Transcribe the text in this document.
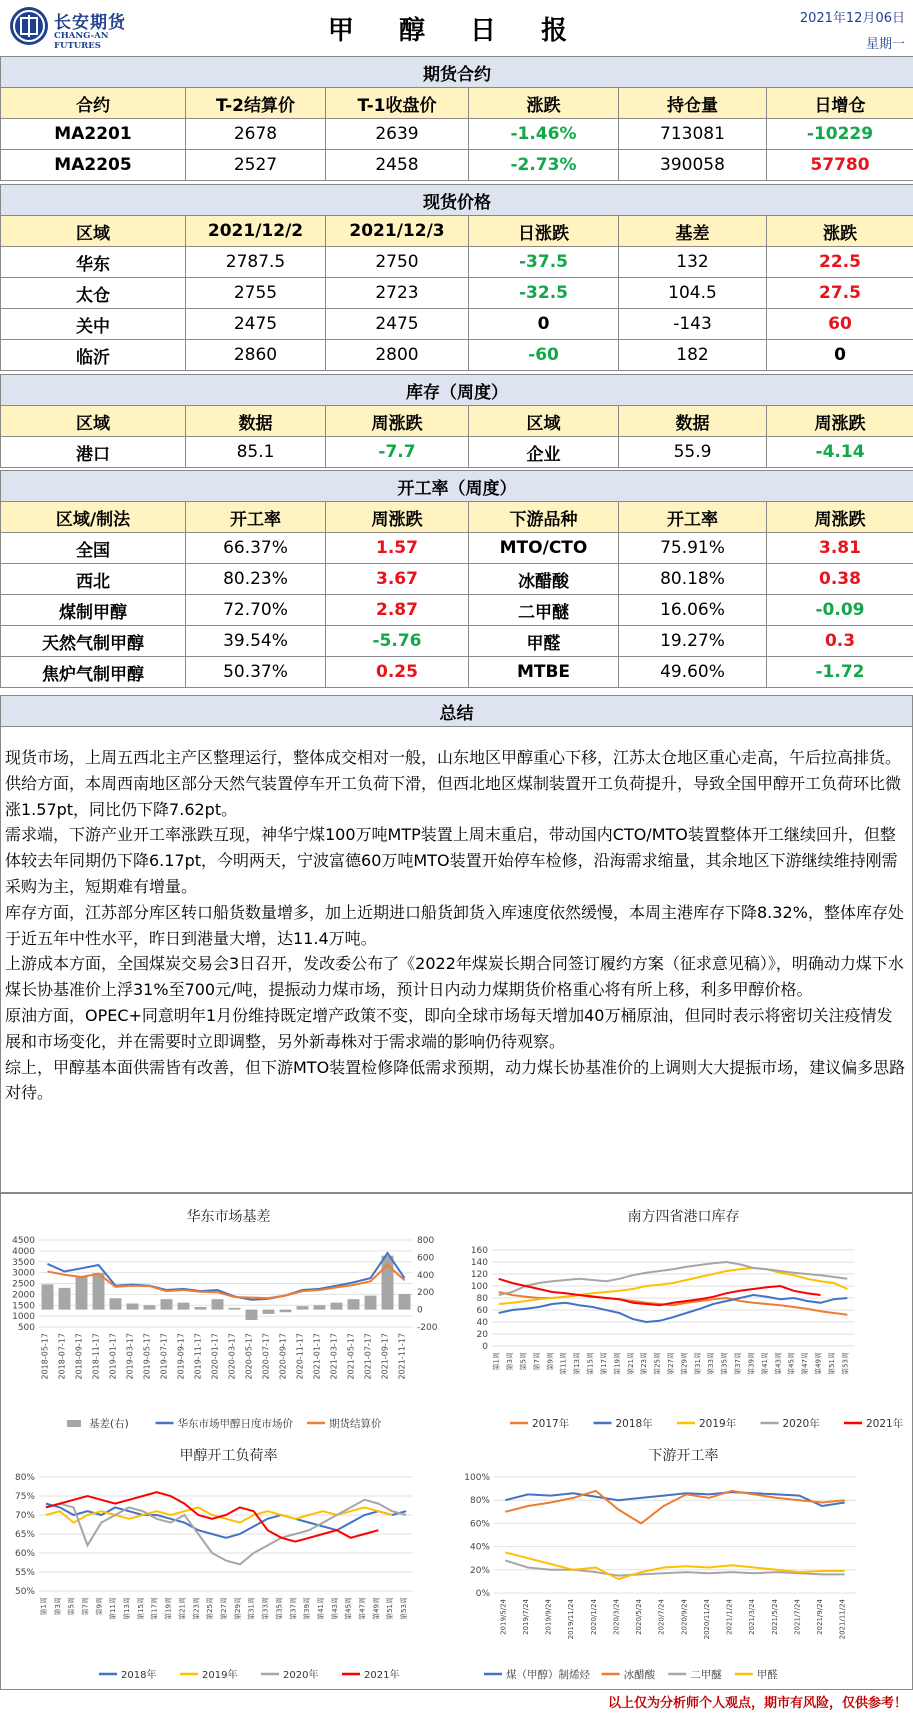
长安期货
CHANG-AN FUTURES	甲 醇 日 报	2021年12月06日
星期一
期货合约					
合约	T-2结算价	T-1收盘价	涨跌	持仓量	日增仓
MA2201	2678	2639	-1.46%	713081	-10229
MA2205	2527	2458	-2.73%	390058	57780
现货价格					
区域	2021/12/2	2021/12/3	日涨跌	基差	涨跌
华东	2787.5	2750	-37.5	132	22.5
太仓	2755	2723	-32.5	104.5	27.5
关中	2475	2475	0	-143	60
临沂	2860	2800	-60	182	0
库存（周度）					
区域	数据	周涨跌	区域	数据	周涨跌
港口	85.1	-7.7	企业	55.9	-4.14
开工率（周度）					
区域/制法	开工率	周涨跌	下游品种	开工率	周涨跌
全国	66.37%	1.57	MTO/CTO	75.91%	3.81
西北	80.23%	3.67	冰醋酸	80.18%	0.38
煤制甲醇	72.70%	2.87	二甲醚	16.06%	-0.09
天然气制甲醇	39.54%	-5.76	甲醛	19.27%	0.3
焦炉气制甲醇	50.37%	0.25	MTBE	49.60%	-1.72
总结

现货市场，上周五西北主产区整理运行，整体成交相对一般，山东地区甲醇重心下移，江苏太仓地区重心走高，午后拉高排货。

供给方面，本周西南地区部分天然气装置停车开工负荷下滑，但西北地区煤制装置开工负荷提升，导致全国甲醇开工负荷环比微涨1.57pt，同比仍下降7.62pt。

需求端，下游产业开工率涨跌互现，神华宁煤100万吨MTP装置上周末重启，带动国内CTO/MTO装置整体开工继续回升，但整体较去年同期仍下降6.17pt，今明两天，宁波富德60万吨MTO装置开始停车检修，沿海需求缩量，其余地区下游继续维持刚需采购为主，短期难有增量。

库存方面，江苏部分库区转口船货数量增多，加上近期进口船货卸货入库速度依然缓慢，本周主港库存下降8.32%，整体库存处于近五年中性水平，昨日到港量大增，达11.4万吨。

上游成本方面，全国煤炭交易会3日召开，发改委公布了《2022年煤炭长期合同签订履约方案（征求意见稿）》，明确动力煤下水煤长协基准价上浮31%至700元/吨，提振动力煤市场，预计日内动力煤期货价格重心将有所上移，利多甲醇价格。

原油方面，OPEC+同意明年1月份维持既定增产政策不变，即向全球市场每天增加40万桶原油，但同时表示将密切关注疫情发展和市场变化，并在需要时立即调整，另外新毒株对于需求端的影响仍待观察。

综上，甲醇基本面供需皆有改善，但下游MTO装置检修降低需求预期，动力煤长协基准价的上调则大大提振市场，建议偏多思路对待。

华东市场基差
500
1000
1500
2000
2500
3000
3500
4000
4500
-200
0
200
400
600
800
2018-05-17 2018-07-17 2018-09-17 2018-11-17 2019-01-17 2019-03-17 2019-05-17 2019-07-17 2019-09-17 2019-11-17 2020-01-17 2020-03-17 2020-05-17 2020-07-17 2020-09-17 2020-11-17 2021-01-17 2021-03-17 2021-05-17 2021-07-17 2021-09-17 2021-11-17
基差(右)	华东市场甲醇日度市场价	期货结算价
南方四省港口库存
0
20
40
60
80
100
120
140
160
第1周 第3周 第5周 第7周 第9周 第11周 第13周 第15周 第17周 第19周 第21周 第23周 第25周 第27周 第29周 第31周 第33周 第35周 第37周 第39周 第41周 第43周 第45周 第47周 第49周 第51周 第53周
2017年	2018年	2019年	2020年	2021年
甲醇开工负荷率
50%
55%
60%
65%
70%
75%
80%
第1周 第3周 第5周 第7周 第9周 第11周 第13周 第15周 第17周 第19周 第21周 第23周 第25周 第27周 第29周 第31周 第33周 第35周 第37周 第39周 第41周 第43周 第45周 第47周 第49周 第51周 第53周
2018年	2019年	2020年	2021年
下游开工率
0%
20%
40%
60%
80%
100%
2019/5/24 2019/7/24 2019/9/24 2019/11/24 2020/1/24 2020/3/24 2020/5/24 2020/7/24 2020/9/24 2020/11/24 2021/1/24 2021/3/24 2021/5/24 2021/7/24 2021/9/24 2021/11/24
煤（甲醇）制烯烃	冰醋酸	二甲醚	甲醛
以上仅为分析师个人观点，期市有风险，仅供参考！
